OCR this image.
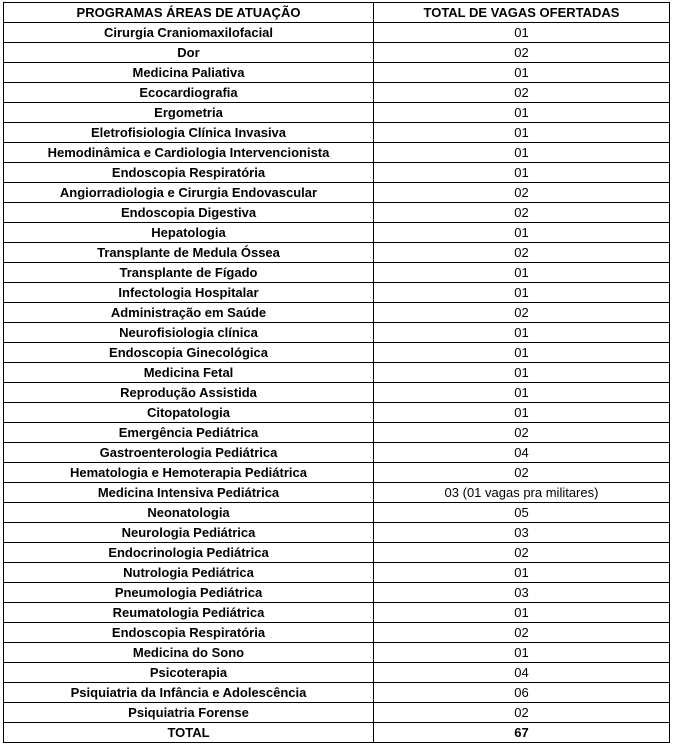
PROGRAMAS ÁREAS DE ATUAÇÃO	TOTAL DE VAGAS OFERTADAS
Cirurgia Craniomaxilofacial	01
Dor	02
Medicina Paliativa	01
Ecocardiografia	02
Ergometria	01
Eletrofisiologia Clínica Invasiva	01
Hemodinâmica e Cardiologia Intervencionista	01
Endoscopia Respiratória	01
Angiorradiologia e Cirurgia Endovascular	02
Endoscopia Digestiva	02
Hepatologia	01
Transplante de Medula Óssea	02
Transplante de Fígado	01
Infectologia Hospitalar	01
Administração em Saúde	02
Neurofisiologia clínica	01
Endoscopia Ginecológica	01
Medicina Fetal	01
Reprodução Assistida	01
Citopatologia	01
Emergência Pediátrica	02
Gastroenterologia Pediátrica	04
Hematologia e Hemoterapia Pediátrica	02
Medicina Intensiva Pediátrica	03 (01 vagas pra militares)
Neonatologia	05
Neurologia Pediátrica	03
Endocrinologia Pediátrica	02
Nutrologia Pediátrica	01
Pneumologia Pediátrica	03
Reumatologia Pediátrica	01
Endoscopia Respiratória	02
Medicina do Sono	01
Psicoterapia	04
Psiquiatria da Infância e Adolescência	06
Psiquiatria Forense	02
TOTAL	67
